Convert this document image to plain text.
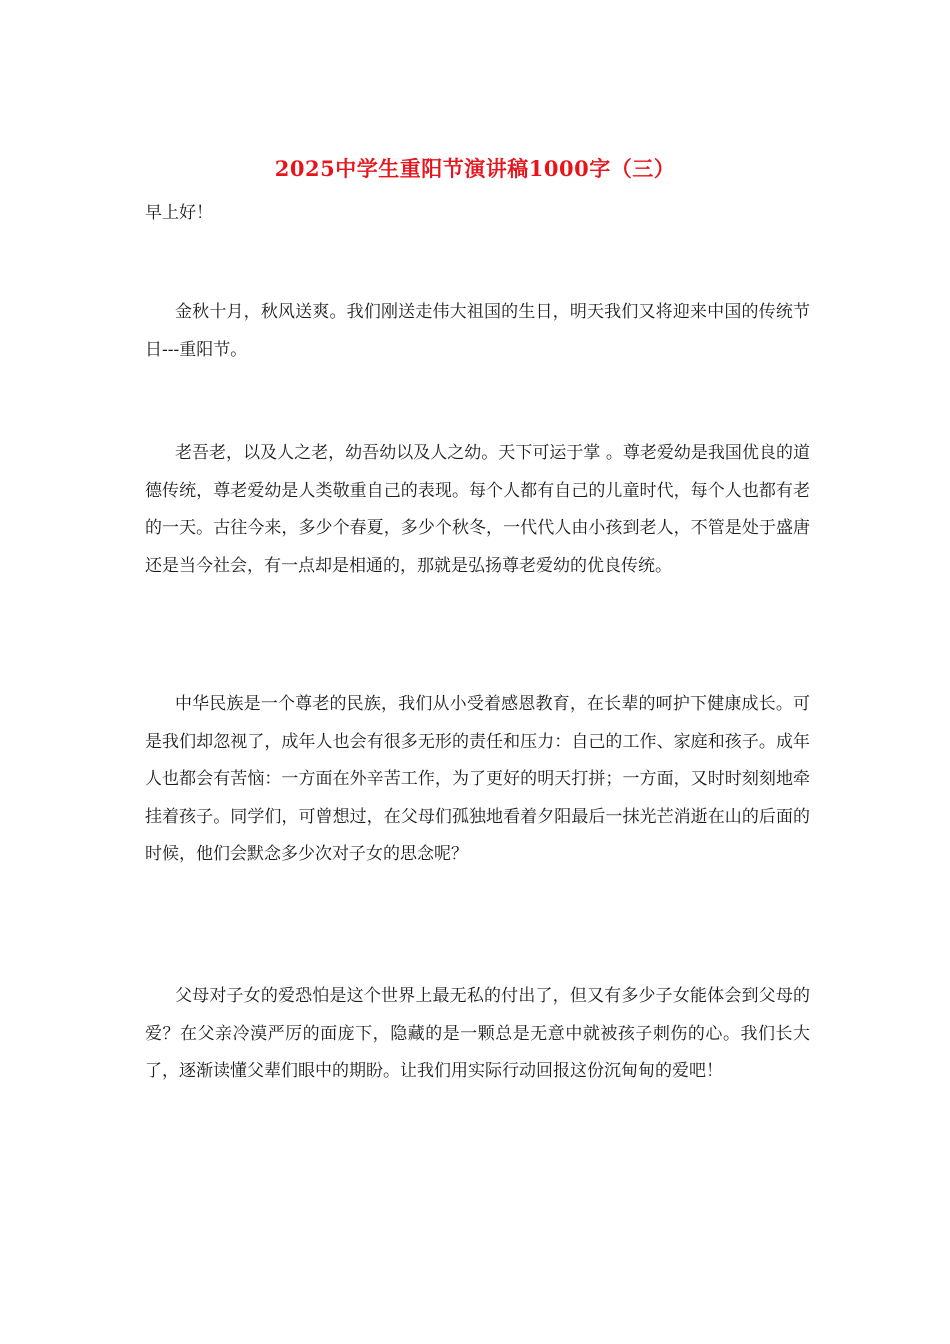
2025中学生重阳节演讲稿1000字（三）
早上好！

金秋十月，秋风送爽。我们刚送走伟大祖国的生日，明天我们又将迎来中国的传统节日---重阳节。

老吾老，以及人之老，幼吾幼以及人之幼。天下可运于掌 。尊老爱幼是我国优良的道德传统，尊老爱幼是人类敬重自己的表现。每个人都有自己的儿童时代，每个人也都有老的一天。古往今来，多少个春夏，多少个秋冬，一代代人由小孩到老人，不管是处于盛唐还是当今社会，有一点却是相通的，那就是弘扬尊老爱幼的优良传统。

中华民族是一个尊老的民族，我们从小受着感恩教育，在长辈的呵护下健康成长。可是我们却忽视了，成年人也会有很多无形的责任和压力：自己的工作、家庭和孩子。成年人也都会有苦恼：一方面在外辛苦工作，为了更好的明天打拼；一方面，又时时刻刻地牵挂着孩子。同学们，可曾想过，在父母们孤独地看着夕阳最后一抹光芒消逝在山的后面的时候，他们会默念多少次对子女的思念呢？

父母对子女的爱恐怕是这个世界上最无私的付出了，但又有多少子女能体会到父母的爱？在父亲冷漠严厉的面庞下，隐藏的是一颗总是无意中就被孩子刺伤的心。我们长大了，逐渐读懂父辈们眼中的期盼。让我们用实际行动回报这份沉甸甸的爱吧！
